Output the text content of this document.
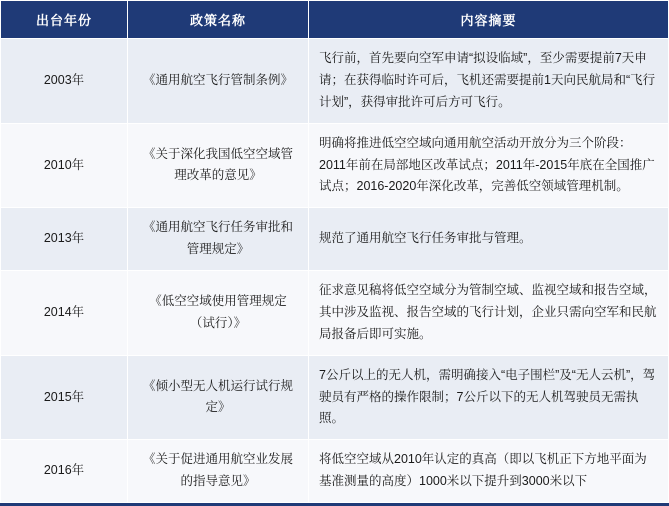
出台年份	政策名称	内容摘要
2003年	《通用航空飞行管制条例》	飞行前，首先要向空军申请“拟设临域”，至少需要提前7天申请；在获得临时许可后，飞机还需要提前1天向民航局和“飞行计划”，获得审批许可后方可飞行。
2010年	《关于深化我国低空空域管理改革的意见》	明确将推进低空空域向通用航空活动开放分为三个阶段：2011年前在局部地区改革试点；2011年-2015年底在全国推广试点；2016-2020年深化改革，完善低空领域管理机制。
2013年	《通用航空飞行任务审批和管理规定》	规范了通用航空飞行任务审批与管理。
2014年	《低空空域使用管理规定（试行）》	征求意见稿将低空空域分为管制空域、监视空域和报告空域，其中涉及监视、报告空域的飞行计划，企业只需向空军和民航局报备后即可实施。
2015年	《倾小型无人机运行试行规定》	7公斤以上的无人机，需明确接入“电子围栏”及“无人云机”，驾驶员有严格的操作限制；7公斤以下的无人机驾驶员无需执照。
2016年	《关于促进通用航空业发展的指导意见》	将低空空域从2010年认定的真高（即以飞机正下方地平面为基准测量的高度）1000米以下提升到3000米以下
